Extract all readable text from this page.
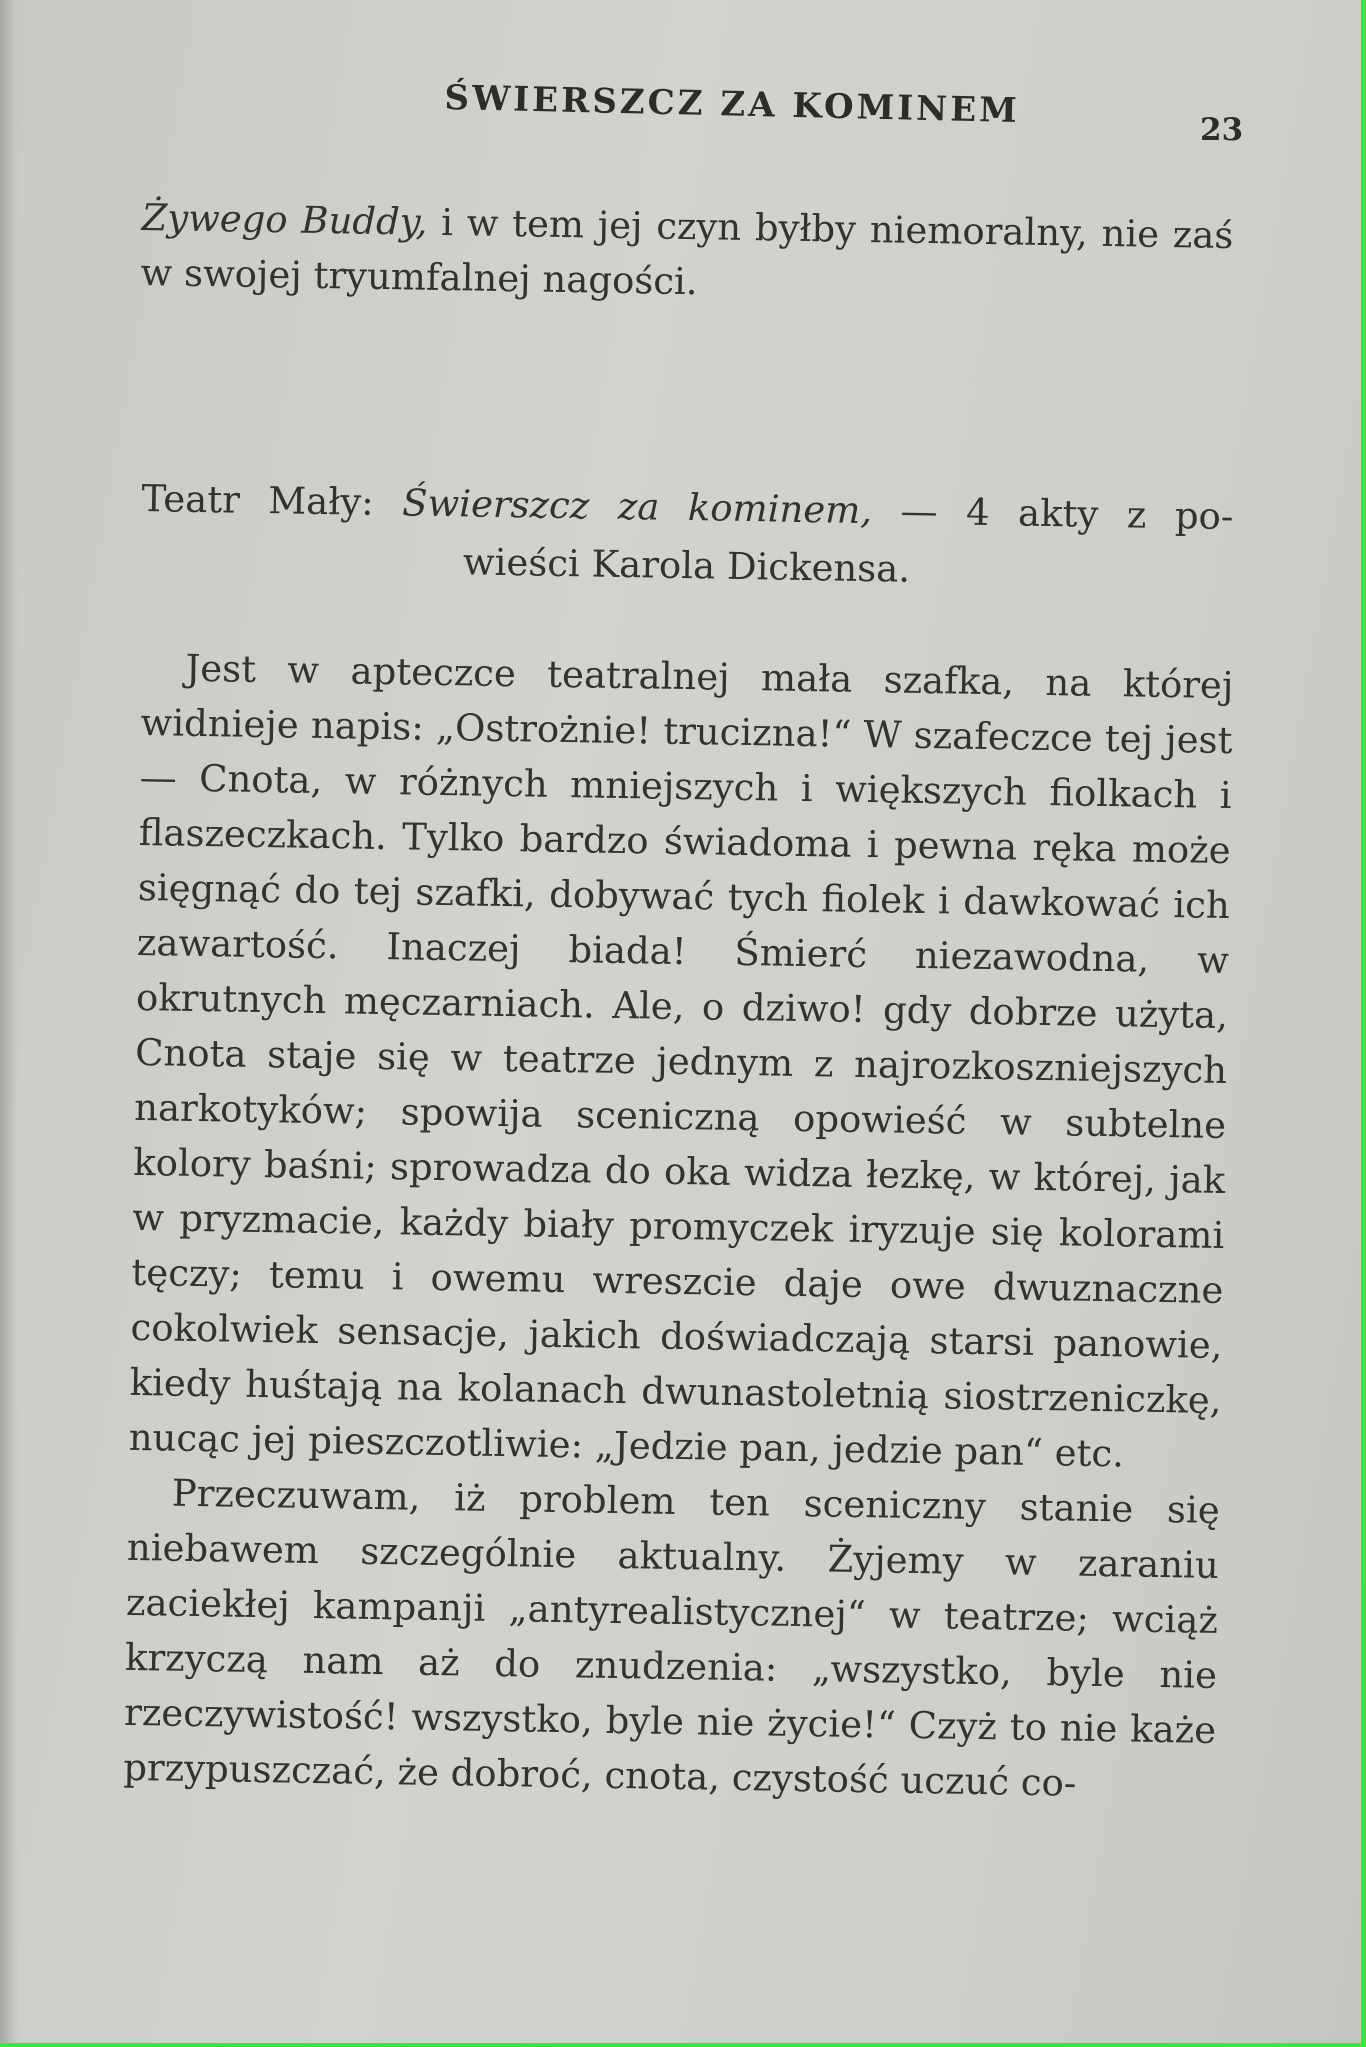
ŚWIERSZCZ ZA KOMINEM	23

Żywego Buddy, i w tem jej czyn byłby niemoralny, nie zaś w swojej tryumfalnej nagości.

Teatr Mały: Świerszcz za kominem, — 4 akty z po-
wieści Karola Dickensa.

Jest w apteczce teatralnej mała szafka, na której widnieje napis: „Ostrożnie! trucizna!“ W szafeczce tej jest — Cnota, w różnych mniejszych i większych fiolkach i flaszeczkach. Tylko bardzo świadoma i pewna ręka może sięgnąć do tej szafki, dobywać tych fiolek i dawkować ich zawartość. Inaczej biada! Śmierć niezawodna, w okrutnych męczarniach. Ale, o dziwo! gdy dobrze użyta, Cnota staje się w teatrze jednym z najrozkoszniejszych narkotyków; spowija sceniczną opowieść w subtelne kolory baśni; sprowadza do oka widza łezkę, w której, jak w pryzmacie, każdy biały promyczek iryzuje się kolorami tęczy; temu i owemu wreszcie daje owe dwuznaczne cokolwiek sensacje, jakich doświadczają starsi panowie, kiedy huśtają na kolanach dwunastoletnią siostrzeniczkę, nucąc jej pieszczotliwie: „Jedzie pan, jedzie pan“ etc.

Przeczuwam, iż problem ten sceniczny stanie się niebawem szczególnie aktualny. Żyjemy w zaraniu zaciekłej kampanji „antyrealistycznej“ w teatrze; wciąż krzyczą nam aż do znudzenia: „wszystko, byle nie rzeczywistość! wszystko, byle nie życie!“ Czyż to nie każe przypuszczać, że dobroć, cnota, czystość uczuć co-
